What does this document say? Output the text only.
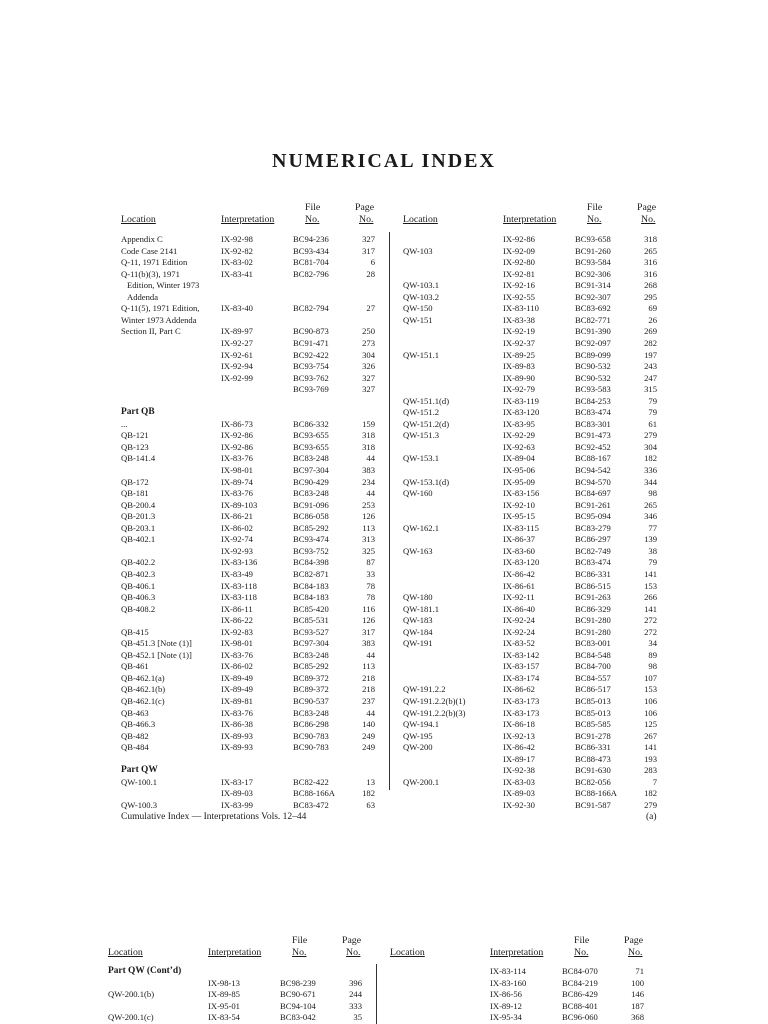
NUMERICAL INDEX
Location	Interpretation
File
No.
Page
No.	Location	Interpretation
File
No.
Page
No.
Appendix C	IX-92-98	BC94-236	327
Code Case 2141	IX-92-82	BC93-434	317
Q-11, 1971 Edition	IX-83-02	BC81-704	6
Q-11(b)(3), 1971	IX-83-41	BC82-796	28
Edition, Winter 1973
Addenda
Q-11(5), 1971 Edition,	IX-83-40	BC82-794	27
Winter 1973 Addenda
Section II, Part C	IX-89-97	BC90-873	250
IX-92-27	BC91-471	273
IX-92-61	BC92-422	304
IX-92-94	BC93-754	326
IX-92-99	BC93-762	327
BC93-769	327
Part QB
...	IX-86-73	BC86-332	159
QB-121	IX-92-86	BC93-655	318
QB-123	IX-92-86	BC93-655	318
QB-141.4	IX-83-76	BC83-248	44
IX-98-01	BC97-304	383
QB-172	IX-89-74	BC90-429	234
QB-181	IX-83-76	BC83-248	44
QB-200.4	IX-89-103	BC91-096	253
QB-201.3	IX-86-21	BC86-058	126
QB-203.1	IX-86-02	BC85-292	113
QB-402.1	IX-92-74	BC93-474	313
IX-92-93	BC93-752	325
QB-402.2	IX-83-136	BC84-398	87
QB-402.3	IX-83-49	BC82-871	33
QB-406.1	IX-83-118	BC84-183	78
QB-406.3	IX-83-118	BC84-183	78
QB-408.2	IX-86-11	BC85-420	116
IX-86-22	BC85-531	126
QB-415	IX-92-83	BC93-527	317
QB-451.3 [Note (1)]	IX-98-01	BC97-304	383
QB-452.1 [Note (1)]	IX-83-76	BC83-248	44
QB-461	IX-86-02	BC85-292	113
QB-462.1(a)	IX-89-49	BC89-372	218
QB-462.1(b)	IX-89-49	BC89-372	218
QB-462.1(c)	IX-89-81	BC90-537	237
QB-463	IX-83-76	BC83-248	44
QB-466.3	IX-86-38	BC86-298	140
QB-482	IX-89-93	BC90-783	249
QB-484	IX-89-93	BC90-783	249
Part QW
QW-100.1	IX-83-17	BC82-422	13
IX-89-03	BC88-166A	182
QW-100.3	IX-83-99	BC83-472	63
IX-92-86	BC93-658	318
QW-103	IX-92-09	BC91-260	265
IX-92-80	BC93-584	316
IX-92-81	BC92-306	316
QW-103.1	IX-92-16	BC91-314	268
QW-103.2	IX-92-55	BC92-307	295
QW-150	IX-83-110	BC83-692	69
QW-151	IX-83-38	BC82-771	26
IX-92-19	BC91-390	269
IX-92-37	BC92-097	282
QW-151.1	IX-89-25	BC89-099	197
IX-89-83	BC90-532	243
IX-89-90	BC90-532	247
IX-92-79	BC93-583	315
QW-151.1(d)	IX-83-119	BC84-253	79
QW-151.2	IX-83-120	BC83-474	79
QW-151.2(d)	IX-83-95	BC83-301	61
QW-151.3	IX-92-29	BC91-473	279
IX-92-63	BC92-452	304
QW-153.1	IX-89-04	BC88-167	182
IX-95-06	BC94-542	336
QW-153.1(d)	IX-95-09	BC94-570	344
QW-160	IX-83-156	BC84-697	98
IX-92-10	BC91-261	265
IX-95-15	BC95-094	346
QW-162.1	IX-83-115	BC83-279	77
IX-86-37	BC86-297	139
QW-163	IX-83-60	BC82-749	38
IX-83-120	BC83-474	79
IX-86-42	BC86-331	141
IX-86-61	BC86-515	153
QW-180	IX-92-11	BC91-263	266
QW-181.1	IX-86-40	BC86-329	141
QW-183	IX-92-24	BC91-280	272
QW-184	IX-92-24	BC91-280	272
QW-191	IX-83-52	BC83-001	34
IX-83-142	BC84-548	89
IX-83-157	BC84-700	98
IX-83-174	BC84-557	107
QW-191.2.2	IX-86-62	BC86-517	153
QW-191.2.2(b)(1)	IX-83-173	BC85-013	106
QW-191.2.2(b)(3)	IX-83-173	BC85-013	106
QW-194.1	IX-86-18	BC85-585	125
QW-195	IX-92-13	BC91-278	267
QW-200	IX-86-42	BC86-331	141
IX-89-17	BC88-473	193
IX-92-38	BC91-630	283
QW-200.1	IX-83-03	BC82-056	7
IX-89-03	BC88-166A	182
IX-92-30	BC91-587	279
Cumulative Index — Interpretations Vols. 12–44	(a)
Location	Interpretation
File
No.
Page
No.	Location	Interpretation
File
No.
Page
No.
Part QW (Cont’d)
IX-98-13	BC98-239	396
QW-200.1(b)	IX-89-85	BC90-671	244
IX-95-01	BC94-104	333
QW-200.1(c)	IX-83-54	BC83-042	35
IX-83-114	BC84-070	71
IX-83-160	BC84-219	100
IX-86-56	BC86-429	146
IX-89-12	BC88-401	187
IX-95-34	BC96-060	368
